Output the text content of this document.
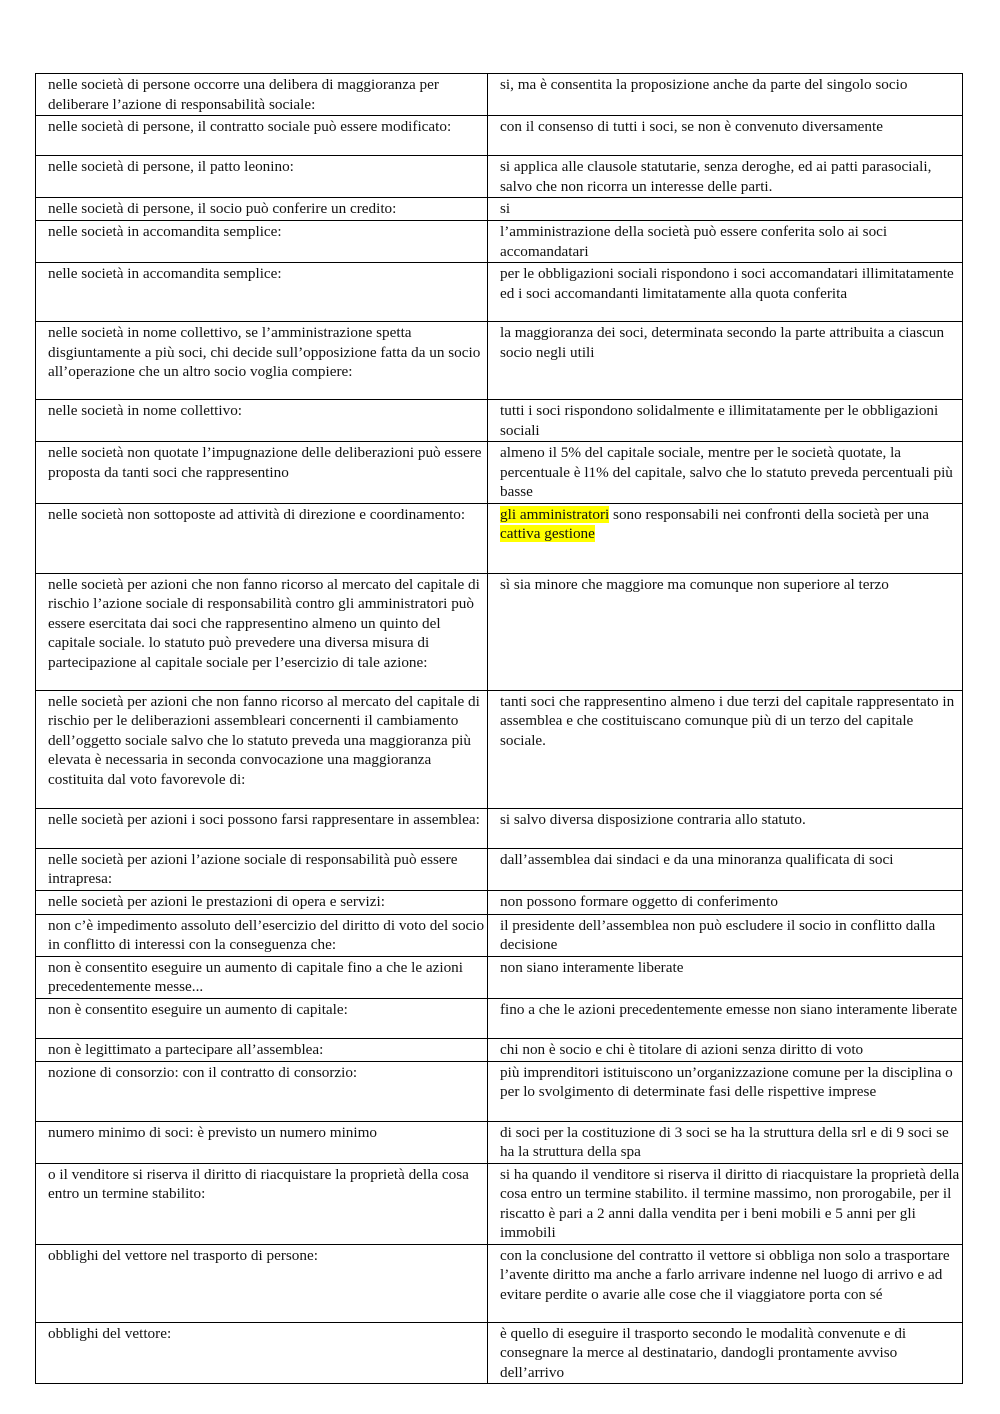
nelle società di persone occorre una delibera di maggioranza per deliberare l’azione di responsabilità sociale:	si, ma è consentita la proposizione anche da parte del singolo socio
nelle società di persone, il contratto sociale può essere modificato:	con il consenso di tutti i soci, se non è convenuto diversamente
nelle società di persone, il patto leonino:	si applica alle clausole statutarie, senza deroghe, ed ai patti parasociali, salvo che non ricorra un interesse delle parti.
nelle società di persone, il socio può conferire un credito:	si
nelle società in accomandita semplice:	l’amministrazione della società può essere conferita solo ai soci accomandatari
nelle società in accomandita semplice:	per le obbligazioni sociali rispondono i soci accomandatari illimitatamente ed i soci accomandanti limitatamente alla quota conferita
nelle società in nome collettivo, se l’amministrazione spetta disgiuntamente a più soci, chi decide sull’opposizione fatta da un socio all’operazione che un altro socio voglia compiere:	la maggioranza dei soci, determinata secondo la parte attribuita a ciascun socio negli utili
nelle società in nome collettivo:	tutti i soci rispondono solidalmente e illimitatamente per le obbligazioni sociali
nelle società non quotate l’impugnazione delle deliberazioni può essere proposta da tanti soci che rappresentino	almeno il 5% del capitale sociale, mentre per le società quotate, la percentuale è l1% del capitale, salvo che lo statuto preveda percentuali più basse
nelle società non sottoposte ad attività di direzione e coordinamento:	gli amministratori sono responsabili nei confronti della società per una cattiva gestione
nelle società per azioni che non fanno ricorso al mercato del capitale di rischio l’azione sociale di responsabilità contro gli amministratori può essere esercitata dai soci che rappresentino almeno un quinto del capitale sociale. lo statuto può prevedere una diversa misura di partecipazione al capitale sociale per l’esercizio di tale azione:	sì sia minore che maggiore ma comunque non superiore al terzo
nelle società per azioni che non fanno ricorso al mercato del capitale di rischio per le deliberazioni assembleari concernenti il cambiamento dell’oggetto sociale salvo che lo statuto preveda una maggioranza più elevata è necessaria in seconda convocazione una maggioranza costituita dal voto favorevole di:	tanti soci che rappresentino almeno i due terzi del capitale rappresentato in assemblea e che costituiscano comunque più di un terzo del capitale sociale.
nelle società per azioni i soci possono farsi rappresentare in assemblea:	si salvo diversa disposizione contraria allo statuto.
nelle società per azioni l’azione sociale di responsabilità può essere intrapresa:	dall’assemblea dai sindaci e da una minoranza qualificata di soci
nelle società per azioni le prestazioni di opera e servizi:	non possono formare oggetto di conferimento
non c’è impedimento assoluto dell’esercizio del diritto di voto del socio in conflitto di interessi con la conseguenza che:	il presidente dell’assemblea non può escludere il socio in conflitto dalla decisione
non è consentito eseguire un aumento di capitale fino a che le azioni precedentemente messe...	non siano interamente liberate
non è consentito eseguire un aumento di capitale:	fino a che le azioni precedentemente emesse non siano interamente liberate
non è legittimato a partecipare all’assemblea:	chi non è socio e chi è titolare di azioni senza diritto di voto
nozione di consorzio: con il contratto di consorzio:	più imprenditori istituiscono un’organizzazione comune per la disciplina o per lo svolgimento di determinate fasi delle rispettive imprese
numero minimo di soci: è previsto un numero minimo	di soci per la costituzione di 3 soci se ha la struttura della srl e di 9 soci se ha la struttura della spa
o il venditore si riserva il diritto di riacquistare la proprietà della cosa entro un termine stabilito:	si ha quando il venditore si riserva il diritto di riacquistare la proprietà della cosa entro un termine stabilito. il termine massimo, non prorogabile, per il riscatto è pari a 2 anni dalla vendita per i beni mobili e 5 anni per gli immobili
obblighi del vettore nel trasporto di persone:	con la conclusione del contratto il vettore si obbliga non solo a trasportare l’avente diritto ma anche a farlo arrivare indenne nel luogo di arrivo e ad evitare perdite o avarie alle cose che il viaggiatore porta con sé
obblighi del vettore:	è quello di eseguire il trasporto secondo le modalità convenute e di consegnare la merce al destinatario, dandogli prontamente avviso dell’arrivo
